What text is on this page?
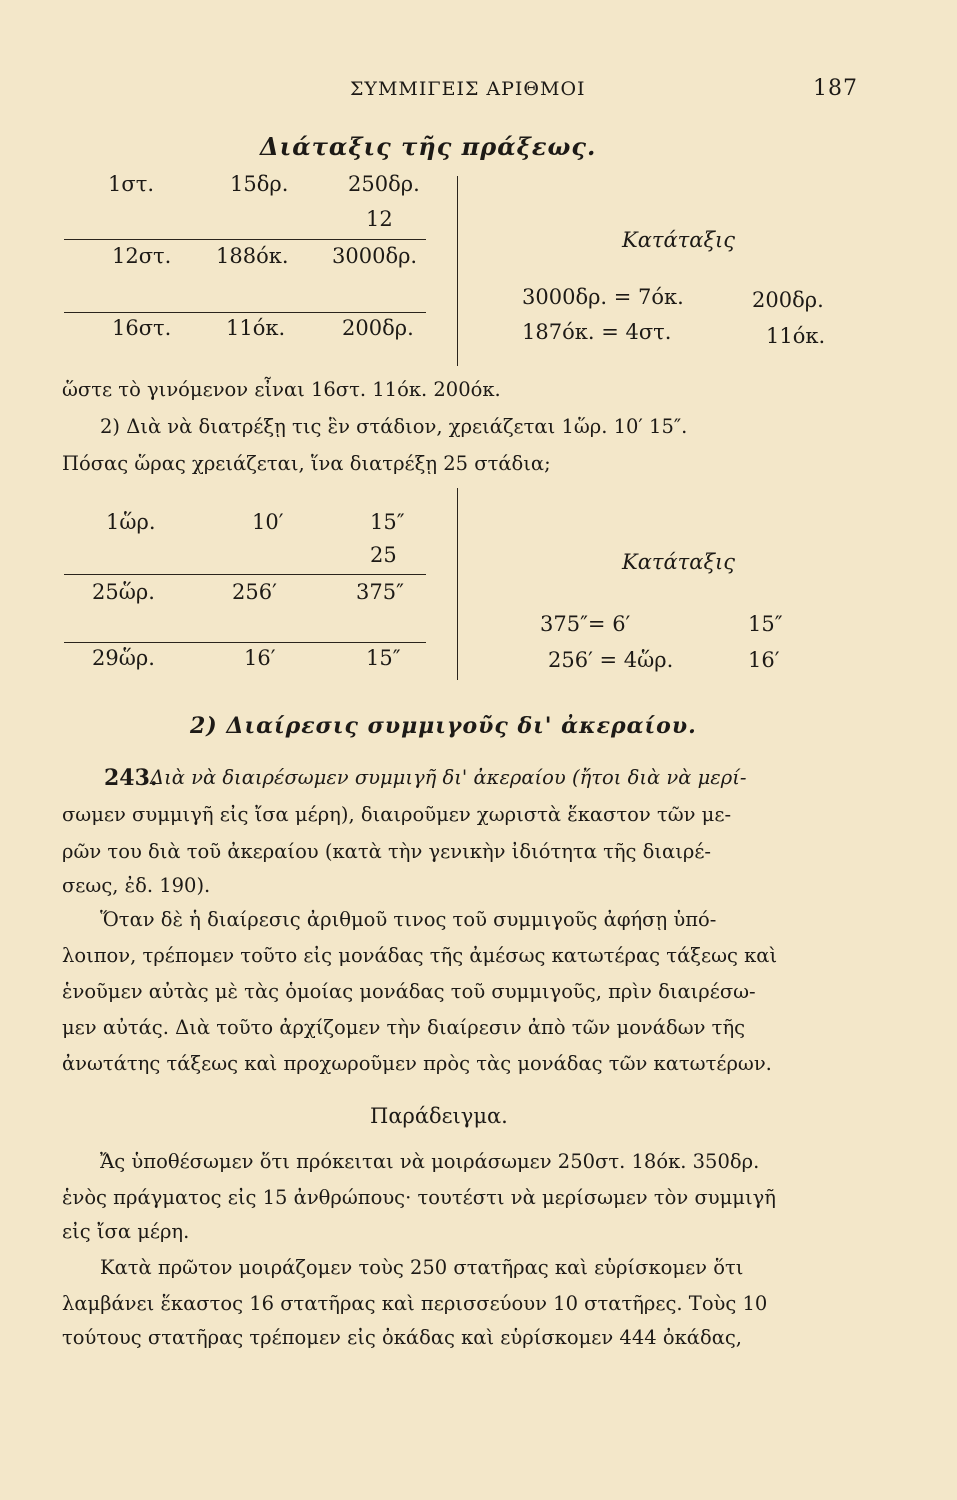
ΣΥΜΜΙΓΕΙΣ ΑΡΙΘΜΟΙ	187
Διάταξις τῆς πράξεως.
1στ.	15δρ.	250δρ.
12
12στ. 188όκ. 3000δρ.
16στ.	11όκ.	200δρ.
Κατάταξις
3000δρ. = 7όκ.	200δρ.
187όκ. = 4στ.	11όκ.
ὥστε τὸ γινόμενον εἶναι 16στ. 11όκ. 200όκ.
2) Διὰ νὰ διατρέξῃ τις ἓν στάδιον, χρειάζεται 1ὥρ. 10′ 15″.
Πόσας ὥρας χρειάζεται, ἵνα διατρέξῃ 25 στάδια;
1ὥρ.	10′	15″
25
25ὥρ.	256′	375″
29ὥρ.	16′	15″
Κατάταξις
375″= 6′	15″
256′ = 4ὥρ.	16′
2) Διαίρεσις συμμιγοῦς δι' ἀκεραίου.
243.
Διὰ νὰ διαιρέσωμεν συμμιγῆ δι' ἀκεραίου (ἤτοι διὰ νὰ μερί-
σωμεν συμμιγῆ εἰς ἴσα μέρη), διαιροῦμεν χωριστὰ ἕκαστον τῶν με-
ρῶν του διὰ τοῦ ἀκεραίου (κατὰ τὴν γενικὴν ἰδιότητα τῆς διαιρέ-
σεως, ἐδ. 190).
Ὅταν δὲ ἡ διαίρεσις ἀριθμοῦ τινος τοῦ συμμιγοῦς ἀφήσῃ ὑπό-
λοιπον, τρέπομεν τοῦτο εἰς μονάδας τῆς ἀμέσως κατωτέρας τάξεως καὶ
ἑνοῦμεν αὐτὰς μὲ τὰς ὁμοίας μονάδας τοῦ συμμιγοῦς, πρὶν διαιρέσω-
μεν αὐτάς. Διὰ τοῦτο ἀρχίζομεν τὴν διαίρεσιν ἀπὸ τῶν μονάδων τῆς
ἀνωτάτης τάξεως καὶ προχωροῦμεν πρὸς τὰς μονάδας τῶν κατωτέρων.
Παράδειγμα.
Ἄς ὑποθέσωμεν ὅτι πρόκειται νὰ μοιράσωμεν 250στ. 18όκ. 350δρ.
ἑνὸς πράγματος εἰς 15 ἀνθρώπους· τουτέστι νὰ μερίσωμεν τὸν συμμιγῆ
εἰς ἴσα μέρη.
Κατὰ πρῶτον μοιράζομεν τοὺς 250 στατῆρας καὶ εὑρίσκομεν ὅτι
λαμβάνει ἕκαστος 16 στατῆρας καὶ περισσεύουν 10 στατῆρες. Τοὺς 10
τούτους στατῆρας τρέπομεν εἰς ὀκάδας καὶ εὑρίσκομεν 444 ὀκάδας,
